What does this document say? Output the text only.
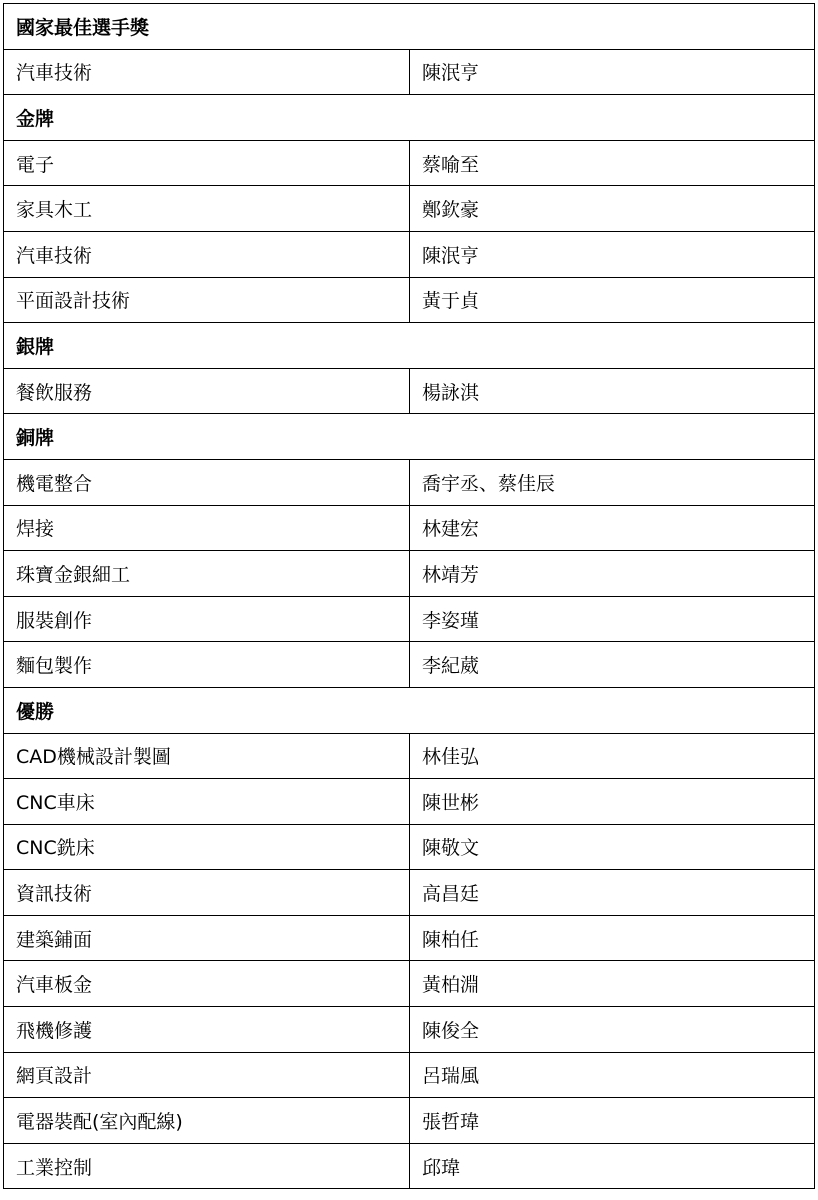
國家最佳選手獎	
汽車技術	陳泯亨
金牌	
電子	蔡喻至
家具木工	鄭欽豪
汽車技術	陳泯亨
平面設計技術	黃于貞
銀牌	
餐飲服務	楊詠淇
銅牌	
機電整合	喬宇丞、蔡佳辰
焊接	林建宏
珠寶金銀細工	林靖芳
服裝創作	李姿瑾
麵包製作	李紀葳
優勝	
CAD機械設計製圖	林佳弘
CNC車床	陳世彬
CNC銑床	陳敬文
資訊技術	高昌廷
建築鋪面	陳柏任
汽車板金	黃柏淵
飛機修護	陳俊全
網頁設計	呂瑞風
電器裝配(室內配線)	張哲瑋
工業控制	邱瑋
